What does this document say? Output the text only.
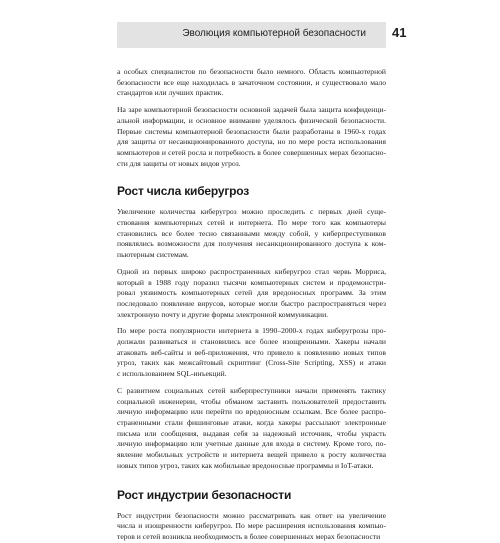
Эволюция компьютерной безопасности 41
а особых специалистов по безопасности было немного. Область компьютерной
безопасности все еще находилась в зачаточном состоянии, и существовало мало
стандартов или лучших практик.
На заре компьютерной безопасности основной задачей была защита конфиденци-
альной информации, и основное внимание уделялось физической безопасности.
Первые системы компьютерной безопасности были разработаны в 1960-х годах
для защиты от несанкционированного доступа, но по мере роста использования
компьютеров и сетей росла и потребность в более совершенных мерах безопасно-
сти для защиты от новых видов угроз.
Рост числа киберугроз
Увеличение количества киберугроз можно проследить с первых дней суще-
ствования компьютерных сетей и интернета. По мере того как компьютеры
становились все более тесно связанными между собой, у киберпреступников
появлялись возможности для получения несанкционированного доступа к ком-
пьютерным системам.
Одной из первых широко распространенных киберугроз стал червь Морриса,
который в 1988 году поразил тысячи компьютерных систем и продемонстри-
ровал уязвимость компьютерных сетей для вредоносных программ. За этим
последовало появление вирусов, которые могли быстро распространяться через
электронную почту и другие формы электронной коммуникации.
По мере роста популярности интернета в 1990–2000-х годах киберугрозы про-
должали развиваться и становились все более изощренными. Хакеры начали
атаковать веб-сайты и веб-приложения, что привело к появлению новых типов
угроз, таких как межсайтовый скриптинг (Cross-Site Scripting, XSS) и атаки
с использованием SQL-инъекций.
С развитием социальных сетей киберпреступники начали применять тактику
социальной инженерии, чтобы обманом заставить пользователей предоставить
личную информацию или перейти по вредоносным ссылкам. Все более распро-
страненными стали фишинговые атаки, когда хакеры рассылают электронные
письма или сообщения, выдавая себя за надежный источник, чтобы украсть
личную информацию или учетные данные для входа в систему. Кроме того, по-
явление мобильных устройств и интернета вещей привело к росту количества
новых типов угроз, таких как мобильные вредоносные программы и IoT-атаки.
Рост индустрии безопасности
Рост индустрии безопасности можно рассматривать как ответ на увеличение
числа и изощренности киберугроз. По мере расширения использования компью-
теров и сетей возникла необходимость в более совершенных мерах безопасности
